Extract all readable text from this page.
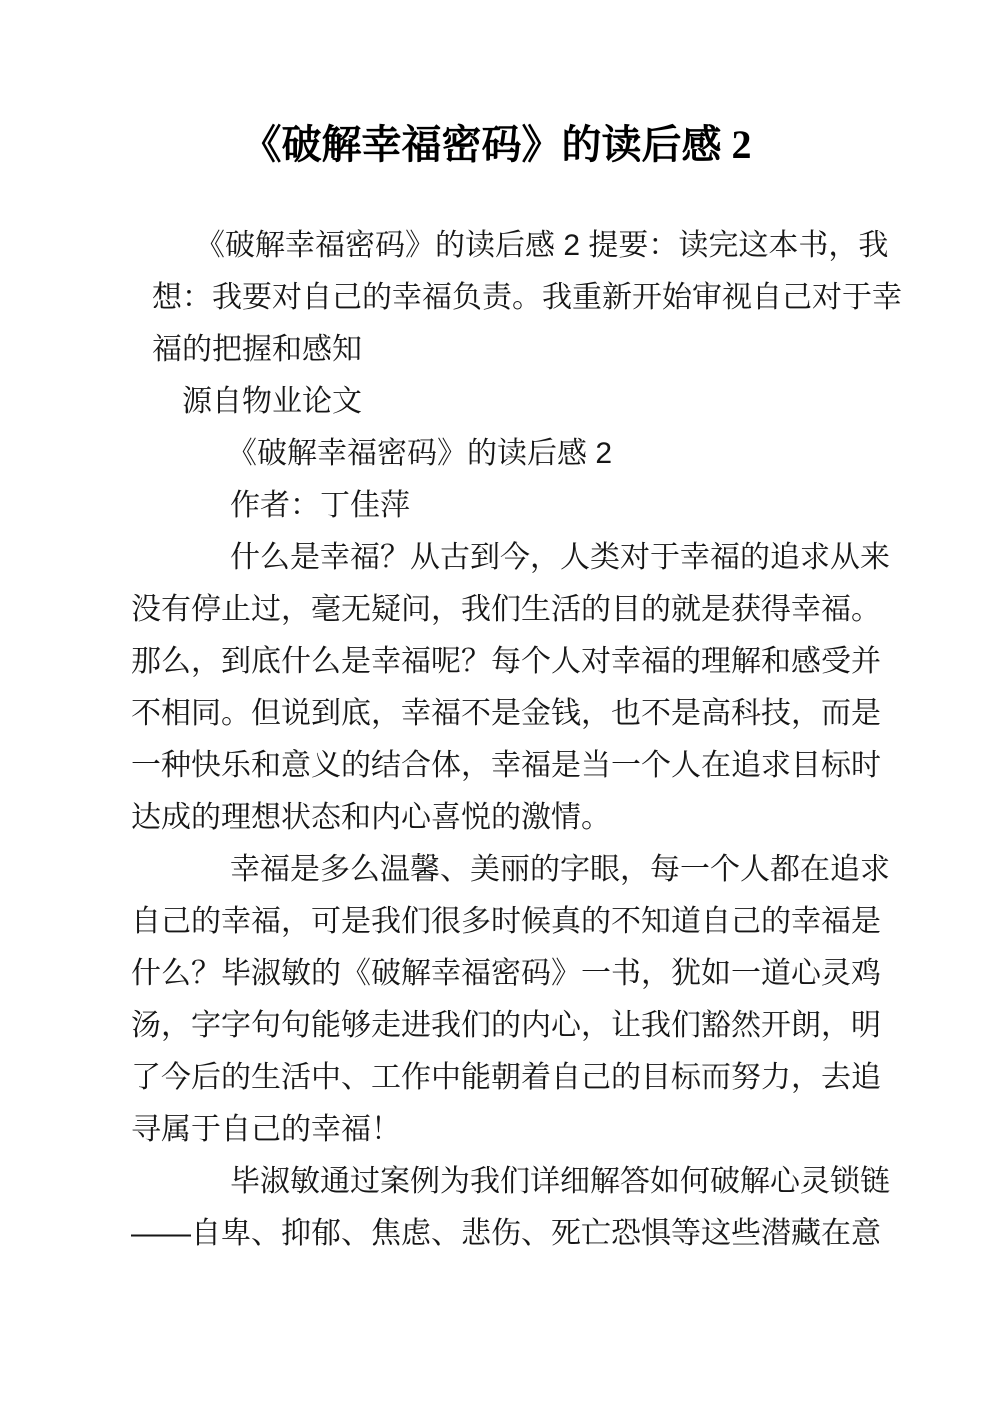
《破解幸福密码》的读后感 2
《破解幸福密码》的读后感 2 提要：读完这本书，我
想：我要对自己的幸福负责。我重新开始审视自己对于幸
福的把握和感知
源自物业论文
《破解幸福密码》的读后感 2
作者：丁佳萍
什么是幸福？从古到今，人类对于幸福的追求从来
没有停止过，毫无疑问，我们生活的目的就是获得幸福。
那么，到底什么是幸福呢？每个人对幸福的理解和感受并
不相同。但说到底，幸福不是金钱，也不是高科技，而是
一种快乐和意义的结合体，幸福是当一个人在追求目标时
达成的理想状态和内心喜悦的激情。
幸福是多么温馨、美丽的字眼，每一个人都在追求
自己的幸福，可是我们很多时候真的不知道自己的幸福是
什么？毕淑敏的《破解幸福密码》一书，犹如一道心灵鸡
汤，字字句句能够走进我们的内心，让我们豁然开朗，明
了今后的生活中、工作中能朝着自己的目标而努力，去追
寻属于自己的幸福！
毕淑敏通过案例为我们详细解答如何破解心灵锁链
——自卑、抑郁、焦虑、悲伤、死亡恐惧等这些潜藏在意
